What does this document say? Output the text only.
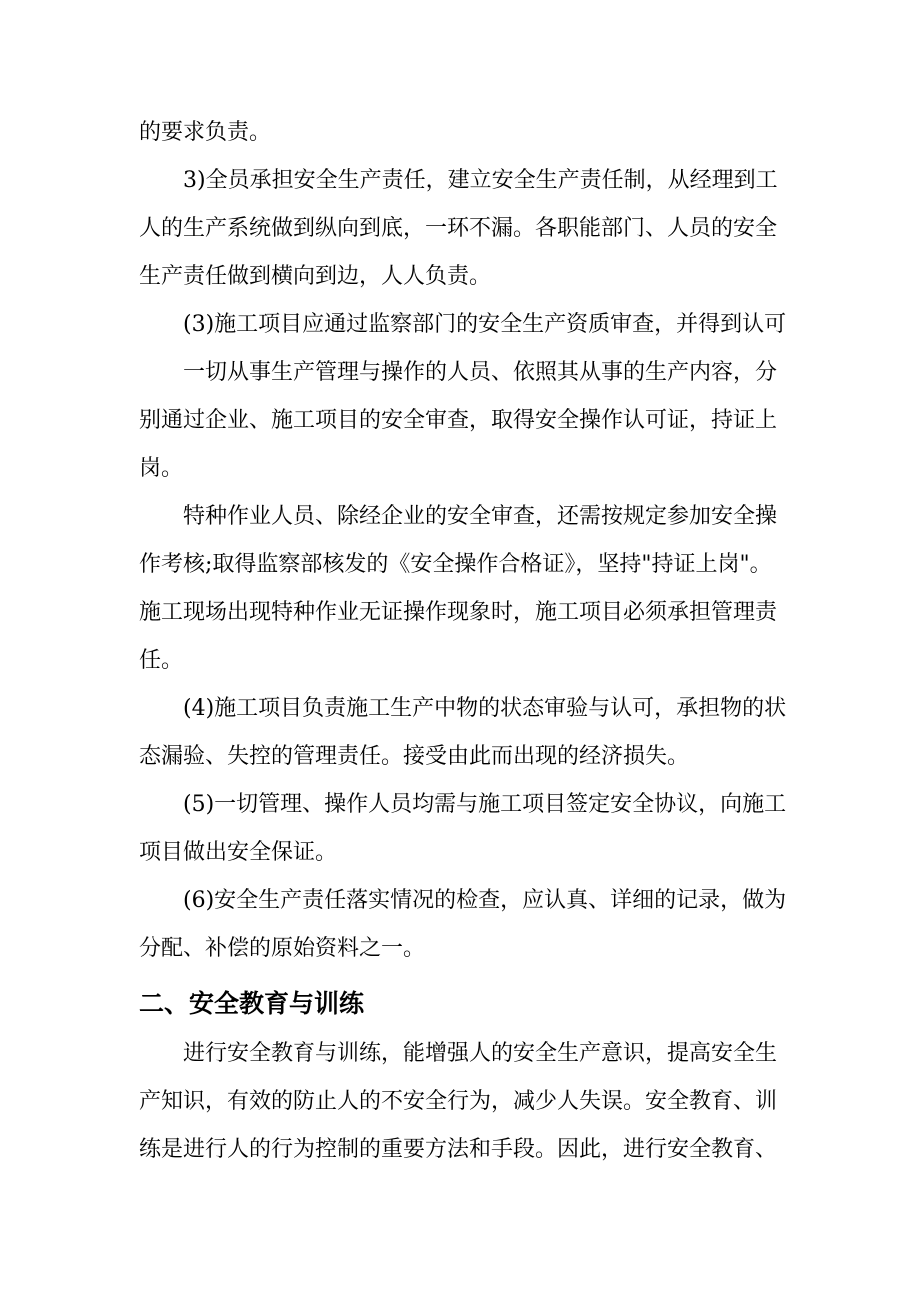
的要求负责。
3)全员承担安全生产责任，建立安全生产责任制，从经理到工
人的生产系统做到纵向到底，一环不漏。各职能部门、人员的安全
生产责任做到横向到边，人人负责。
(3)施工项目应通过监察部门的安全生产资质审查，并得到认可
一切从事生产管理与操作的人员、依照其从事的生产内容，分
别通过企业、施工项目的安全审查，取得安全操作认可证，持证上
岗。
特种作业人员、除经企业的安全审查，还需按规定参加安全操
作考核;取得监察部核发的《安全操作合格证》，坚持"持证上岗"。
施工现场出现特种作业无证操作现象时，施工项目必须承担管理责
任。
(4)施工项目负责施工生产中物的状态审验与认可，承担物的状
态漏验、失控的管理责任。接受由此而出现的经济损失。
(5)一切管理、操作人员均需与施工项目签定安全协议，向施工
项目做出安全保证。
(6)安全生产责任落实情况的检查，应认真、详细的记录，做为
分配、补偿的原始资料之一。
二、安全教育与训练
进行安全教育与训练，能增强人的安全生产意识，提高安全生
产知识，有效的防止人的不安全行为，减少人失误。安全教育、训
练是进行人的行为控制的重要方法和手段。因此，进行安全教育、
